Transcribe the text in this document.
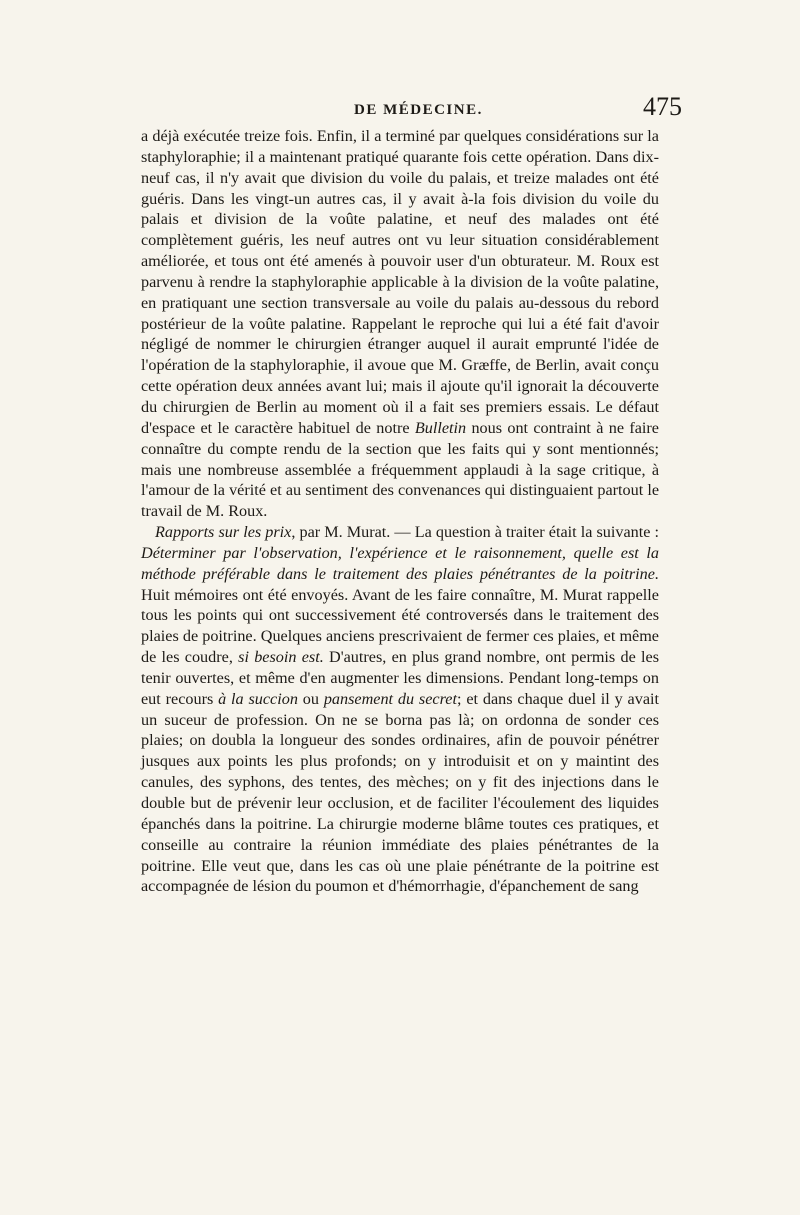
DE MÉDECINE.	475

a déjà exécutée treize fois. Enfin, il a terminé par quelques considérations sur la staphyloraphie; il a maintenant pratiqué quarante fois cette opération. Dans dix-neuf cas, il n'y avait que division du voile du palais, et treize malades ont été guéris. Dans les vingt-un autres cas, il y avait à-la fois division du voile du palais et division de la voûte palatine, et neuf des malades ont été complètement guéris, les neuf autres ont vu leur situation considérablement améliorée, et tous ont été amenés à pouvoir user d'un obturateur. M. Roux est parvenu à rendre la staphyloraphie applicable à la division de la voûte palatine, en pratiquant une section transversale au voile du palais au-dessous du rebord postérieur de la voûte palatine. Rappelant le reproche qui lui a été fait d'avoir négligé de nommer le chirurgien étranger auquel il aurait emprunté l'idée de l'opération de la staphyloraphie, il avoue que M. Græffe, de Berlin, avait conçu cette opération deux années avant lui; mais il ajoute qu'il ignorait la découverte du chirurgien de Berlin au moment où il a fait ses premiers essais. Le défaut d'espace et le caractère habituel de notre Bulletin nous ont contraint à ne faire connaître du compte rendu de la section que les faits qui y sont mentionnés; mais une nombreuse assemblée a fréquemment applaudi à la sage critique, à l'amour de la vérité et au sentiment des convenances qui distinguaient partout le travail de M. Roux.

Rapports sur les prix, par M. Murat. — La question à traiter était la suivante : Déterminer par l'observation, l'expérience et le raisonnement, quelle est la méthode préférable dans le traitement des plaies pénétrantes de la poitrine. Huit mémoires ont été envoyés. Avant de les faire connaître, M. Murat rappelle tous les points qui ont successivement été controversés dans le traitement des plaies de poitrine. Quelques anciens prescrivaient de fermer ces plaies, et même de les coudre, si besoin est. D'autres, en plus grand nombre, ont permis de les tenir ouvertes, et même d'en augmenter les dimensions. Pendant long-temps on eut recours à la succion ou pansement du secret; et dans chaque duel il y avait un suceur de profession. On ne se borna pas là; on ordonna de sonder ces plaies; on doubla la longueur des sondes ordinaires, afin de pouvoir pénétrer jusques aux points les plus profonds; on y introduisit et on y maintint des canules, des syphons, des tentes, des mèches; on y fit des injections dans le double but de prévenir leur occlusion, et de faciliter l'écoulement des liquides épanchés dans la poitrine. La chirurgie moderne blâme toutes ces pratiques, et conseille au contraire la réunion immédiate des plaies pénétrantes de la poitrine. Elle veut que, dans les cas où une plaie pénétrante de la poitrine est accompagnée de lésion du poumon et d'hémorrhagie, d'épanchement de sang
